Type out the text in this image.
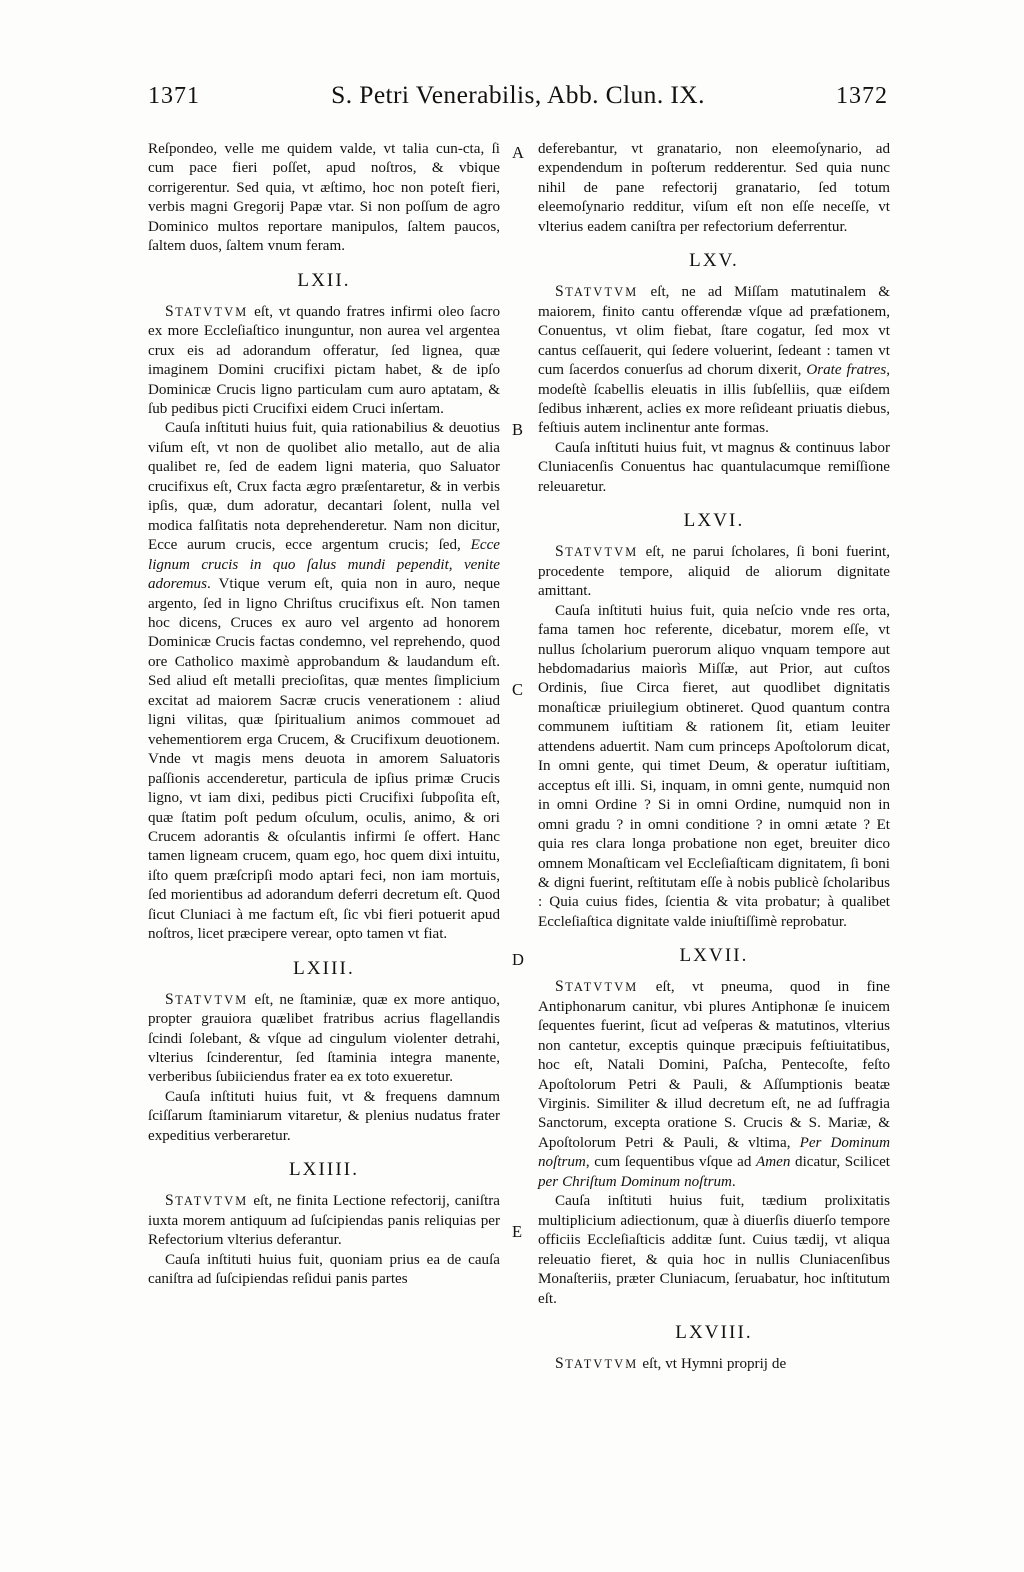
1371	S. Petri Venerabilis, Abb. Clun. IX.	1372

Reſpondeo, velle me quidem valde, vt talia cun-cta, ſi cum pace fieri poſſet, apud noſtros, & vbique corrigerentur. Sed quia, vt æſtimo, hoc non poteſt fieri, verbis magni Gregorij Papæ vtar. Si non poſſum de agro Dominico multos reportare manipulos, ſaltem paucos, ſaltem duos, ſaltem vnum feram.

LXII.

STATVTVM eſt, vt quando fratres infirmi oleo ſacro ex more Eccleſiaſtico inunguntur, non aurea vel argentea crux eis ad adorandum offeratur, ſed lignea, quæ imaginem Domini crucifixi pictam habet, & de ipſo Dominicæ Crucis ligno particulam cum auro aptatam, & ſub pedibus picti Crucifixi eidem Cruci inſertam.

Cauſa inſtituti huius fuit, quia rationabilius & deuotius viſum eſt, vt non de quolibet alio metallo, aut de alia qualibet re, ſed de eadem ligni materia, quo Saluator crucifixus eſt, Crux facta ægro præſentaretur, & in verbis ipſis, quæ, dum adoratur, decantari ſolent, nulla vel modica falſitatis nota deprehenderetur. Nam non dicitur, Ecce aurum crucis, ecce argentum crucis; ſed, Ecce lignum crucis in quo ſalus mundi pependit, venite adoremus. Vtique verum eſt, quia non in auro, neque argento, ſed in ligno Chriſtus crucifixus eſt. Non tamen hoc dicens, Cruces ex auro vel argento ad honorem Dominicæ Crucis factas condemno, vel reprehendo, quod ore Catholico maximè approbandum & laudandum eſt. Sed aliud eſt metalli precioſitas, quæ mentes ſimplicium excitat ad maiorem Sacræ crucis venerationem : aliud ligni vilitas, quæ ſpiritualium animos commouet ad vehementiorem erga Crucem, & Crucifixum deuotionem. Vnde vt magis mens deuota in amorem Saluatoris paſſionis accenderetur, particula de ipſius primæ Crucis ligno, vt iam dixi, pedibus picti Crucifixi ſubpoſita eſt, quæ ſtatim poſt pedum oſculum, oculis, animo, & ori Crucem adorantis & oſculantis infirmi ſe offert. Hanc tamen ligneam crucem, quam ego, hoc quem dixi intuitu, iſto quem præſcripſi modo aptari feci, non iam mortuis, ſed morientibus ad adorandum deferri decretum eſt. Quod ſicut Cluniaci à me factum eſt, ſic vbi fieri potuerit apud noſtros, licet præcipere verear, opto tamen vt fiat.

LXIII.

STATVTVM eſt, ne ſtaminiæ, quæ ex more antiquo, propter grauiora quælibet fratribus acrius flagellandis ſcindi ſolebant, & vſque ad cingulum violenter detrahi, vlterius ſcinderentur, ſed ſtaminia integra manente, verberibus ſubiiciendus frater ea ex toto exueretur.

Cauſa inſtituti huius fuit, vt & frequens damnum ſciſſarum ſtaminiarum vitaretur, & plenius nudatus frater expeditius verberaretur.

LXIIII.

STATVTVM eſt, ne finita Lectione refectorij, caniſtra iuxta morem antiquum ad ſuſcipiendas panis reliquias per Refectorium vlterius deferantur.

Cauſa inſtituti huius fuit, quoniam prius ea de cauſa caniſtra ad ſuſcipiendas reſidui panis partes

deferebantur, vt granatario, non eleemoſynario, ad expendendum in poſterum redderentur. Sed quia nunc nihil de pane refectorij granatario, ſed totum eleemoſynario redditur, viſum eſt non eſſe neceſſe, vt vlterius eadem caniſtra per refectorium deferrentur.

LXV.

STATVTVM eſt, ne ad Miſſam matutinalem & maiorem, finito cantu offerendæ vſque ad præfationem, Conuentus, vt olim fiebat, ſtare cogatur, ſed mox vt cantus ceſſauerit, qui ſedere voluerint, ſedeant : tamen vt cum ſacerdos conuerſus ad chorum dixerit, Orate fratres, modeſtè ſcabellis eleuatis in illis ſubſelliis, quæ eiſdem ſedibus inhærent, aclies ex more reſideant priuatis diebus, feſtiuis autem inclinentur ante formas.

Cauſa inſtituti huius fuit, vt magnus & continuus labor Cluniacenſis Conuentus hac quantulacumque remiſſione releuaretur.

LXVI.

STATVTVM eſt, ne parui ſcholares, ſi boni fuerint, procedente tempore, aliquid de aliorum dignitate amittant.

Cauſa inſtituti huius fuit, quia neſcio vnde res orta, fama tamen hoc referente, dicebatur, morem eſſe, vt nullus ſcholarium puerorum aliquo vnquam tempore aut hebdomadarius maiorìs Miſſæ, aut Prior, aut cuſtos Ordinis, ſiue Circa fieret, aut quodlibet dignitatis monaſticæ priuilegium obtineret. Quod quantum contra communem iuſtitiam & rationem ſit, etiam leuiter attendens aduertit. Nam cum princeps Apoſtolorum dicat, In omni gente, qui timet Deum, & operatur iuſtitiam, acceptus eſt illi. Si, inquam, in omni gente, numquid non in omni Ordine ? Si in omni Ordine, numquid non in omni gradu ? in omni conditione ? in omni ætate ? Et quia res clara longa probatione non eget, breuiter dico omnem Monaſticam vel Eccleſiaſticam dignitatem, ſi boni & digni fuerint, reſtitutam eſſe à nobis publicè ſcholaribus : Quia cuius fides, ſcientia & vita probatur; à qualibet Eccleſiaſtica dignitate valde iniuſtiſſimè reprobatur.

LXVII.

STATVTVM eſt, vt pneuma, quod in fine Antiphonarum canitur, vbi plures Antiphonæ ſe inuicem ſequentes fuerint, ſicut ad veſperas & matutinos, vlterius non cantetur, exceptis quinque præcipuis feſtiuitatibus, hoc eſt, Natali Domini, Paſcha, Pentecoſte, feſto Apoſtolorum Petri & Pauli, & Aſſumptionis beatæ Virginis. Similiter & illud decretum eſt, ne ad ſuffragia Sanctorum, excepta oratione S. Crucis & S. Mariæ, & Apoſtolorum Petri & Pauli, & vltima, Per Dominum noſtrum, cum ſequentibus vſque ad Amen dicatur, Scilicet per Chriſtum Dominum noſtrum.

Cauſa inſtituti huius fuit, tædium prolixitatis multiplicium adiectionum, quæ à diuerſis diuerſo tempore officiis Eccleſiaſticis additæ ſunt. Cuius tædij, vt aliqua releuatio fieret, & quia hoc in nullis Cluniacenſibus Monaſteriis, præter Cluniacum, ſeruabatur, hoc inſtitutum eſt.

LXVIII.

STATVTVM eſt, vt Hymni proprij de

A
B
C
D
E
